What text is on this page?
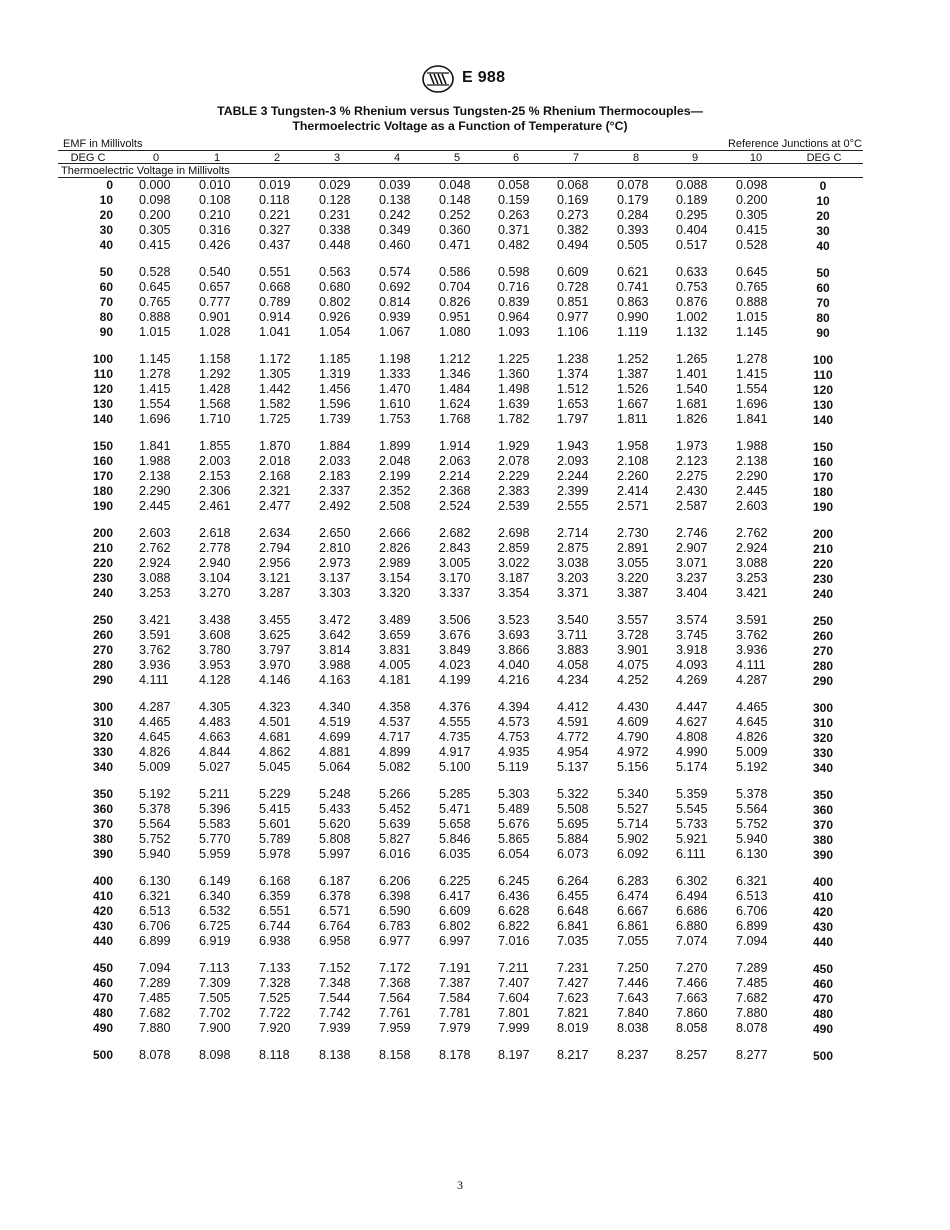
E 988
TABLE 3 Tungsten-3 % Rhenium versus Tungsten-25 % Rhenium Thermocouples—
Thermoelectric Voltage as a Function of Temperature (°C)
EMF in Millivolts	Reference Junctions at 0°C
DEG C	0	1	2	3	4	5	6	7	8	9	10	DEG C
Thermoelectric Voltage in Millivolts
0 0.000 0.010 0.019 0.029 0.039 0.048 0.058 0.068 0.078 0.088 0.098	0
10 0.098 0.108 0.118 0.128 0.138 0.148 0.159 0.169 0.179 0.189 0.200	10
20 0.200 0.210 0.221 0.231 0.242 0.252 0.263 0.273 0.284 0.295 0.305	20
30 0.305 0.316 0.327 0.338 0.349 0.360 0.371 0.382 0.393 0.404 0.415	30
40 0.415 0.426 0.437 0.448 0.460 0.471 0.482 0.494 0.505 0.517 0.528	40
50 0.528 0.540 0.551 0.563 0.574 0.586 0.598 0.609 0.621 0.633 0.645	50
60 0.645 0.657 0.668 0.680 0.692 0.704 0.716 0.728 0.741 0.753 0.765	60
70 0.765 0.777 0.789 0.802 0.814 0.826 0.839 0.851 0.863 0.876 0.888	70
80 0.888 0.901 0.914 0.926 0.939 0.951 0.964 0.977 0.990 1.002 1.015	80
90 1.015 1.028 1.041 1.054 1.067 1.080 1.093 1.106 1.119 1.132 1.145	90
100 1.145 1.158 1.172 1.185 1.198 1.212 1.225 1.238 1.252 1.265 1.278	100
110 1.278 1.292 1.305 1.319 1.333 1.346 1.360 1.374 1.387 1.401 1.415	110
120 1.415 1.428 1.442 1.456 1.470 1.484 1.498 1.512 1.526 1.540 1.554	120
130 1.554 1.568 1.582 1.596 1.610 1.624 1.639 1.653 1.667 1.681 1.696	130
140 1.696 1.710 1.725 1.739 1.753 1.768 1.782 1.797 1.811 1.826 1.841	140
150 1.841 1.855 1.870 1.884 1.899 1.914 1.929 1.943 1.958 1.973 1.988	150
160 1.988 2.003 2.018 2.033 2.048 2.063 2.078 2.093 2.108 2.123 2.138	160
170 2.138 2.153 2.168 2.183 2.199 2.214 2.229 2.244 2.260 2.275 2.290	170
180 2.290 2.306 2.321 2.337 2.352 2.368 2.383 2.399 2.414 2.430 2.445	180
190 2.445 2.461 2.477 2.492 2.508 2.524 2.539 2.555 2.571 2.587 2.603	190
200 2.603 2.618 2.634 2.650 2.666 2.682 2.698 2.714 2.730 2.746 2.762	200
210 2.762 2.778 2.794 2.810 2.826 2.843 2.859 2.875 2.891 2.907 2.924	210
220 2.924 2.940 2.956 2.973 2.989 3.005 3.022 3.038 3.055 3.071 3.088	220
230 3.088 3.104 3.121 3.137 3.154 3.170 3.187 3.203 3.220 3.237 3.253	230
240 3.253 3.270 3.287 3.303 3.320 3.337 3.354 3.371 3.387 3.404 3.421	240
250 3.421 3.438 3.455 3.472 3.489 3.506 3.523 3.540 3.557 3.574 3.591	250
260 3.591 3.608 3.625 3.642 3.659 3.676 3.693 3.711 3.728 3.745 3.762	260
270 3.762 3.780 3.797 3.814 3.831 3.849 3.866 3.883 3.901 3.918 3.936	270
280 3.936 3.953 3.970 3.988 4.005 4.023 4.040 4.058 4.075 4.093 4.111	280
290 4.111 4.128 4.146 4.163 4.181 4.199 4.216 4.234 4.252 4.269 4.287	290
300 4.287 4.305 4.323 4.340 4.358 4.376 4.394 4.412 4.430 4.447 4.465	300
310 4.465 4.483 4.501 4.519 4.537 4.555 4.573 4.591 4.609 4.627 4.645	310
320 4.645 4.663 4.681 4.699 4.717 4.735 4.753 4.772 4.790 4.808 4.826	320
330 4.826 4.844 4.862 4.881 4.899 4.917 4.935 4.954 4.972 4.990 5.009	330
340 5.009 5.027 5.045 5.064 5.082 5.100 5.119 5.137 5.156 5.174 5.192	340
350 5.192 5.211 5.229 5.248 5.266 5.285 5.303 5.322 5.340 5.359 5.378	350
360 5.378 5.396 5.415 5.433 5.452 5.471 5.489 5.508 5.527 5.545 5.564	360
370 5.564 5.583 5.601 5.620 5.639 5.658 5.676 5.695 5.714 5.733 5.752	370
380 5.752 5.770 5.789 5.808 5.827 5.846 5.865 5.884 5.902 5.921 5.940	380
390 5.940 5.959 5.978 5.997 6.016 6.035 6.054 6.073 6.092 6.111 6.130	390
400 6.130 6.149 6.168 6.187 6.206 6.225 6.245 6.264 6.283 6.302 6.321	400
410 6.321 6.340 6.359 6.378 6.398 6.417 6.436 6.455 6.474 6.494 6.513	410
420 6.513 6.532 6.551 6.571 6.590 6.609 6.628 6.648 6.667 6.686 6.706	420
430 6.706 6.725 6.744 6.764 6.783 6.802 6.822 6.841 6.861 6.880 6.899	430
440 6.899 6.919 6.938 6.958 6.977 6.997 7.016 7.035 7.055 7.074 7.094	440
450 7.094 7.113 7.133 7.152 7.172 7.191 7.211 7.231 7.250 7.270 7.289	450
460 7.289 7.309 7.328 7.348 7.368 7.387 7.407 7.427 7.446 7.466 7.485	460
470 7.485 7.505 7.525 7.544 7.564 7.584 7.604 7.623 7.643 7.663 7.682	470
480 7.682 7.702 7.722 7.742 7.761 7.781 7.801 7.821 7.840 7.860 7.880	480
490 7.880 7.900 7.920 7.939 7.959 7.979 7.999 8.019 8.038 8.058 8.078	490
500 8.078 8.098 8.118 8.138 8.158 8.178 8.197 8.217 8.237 8.257 8.277	500
3
